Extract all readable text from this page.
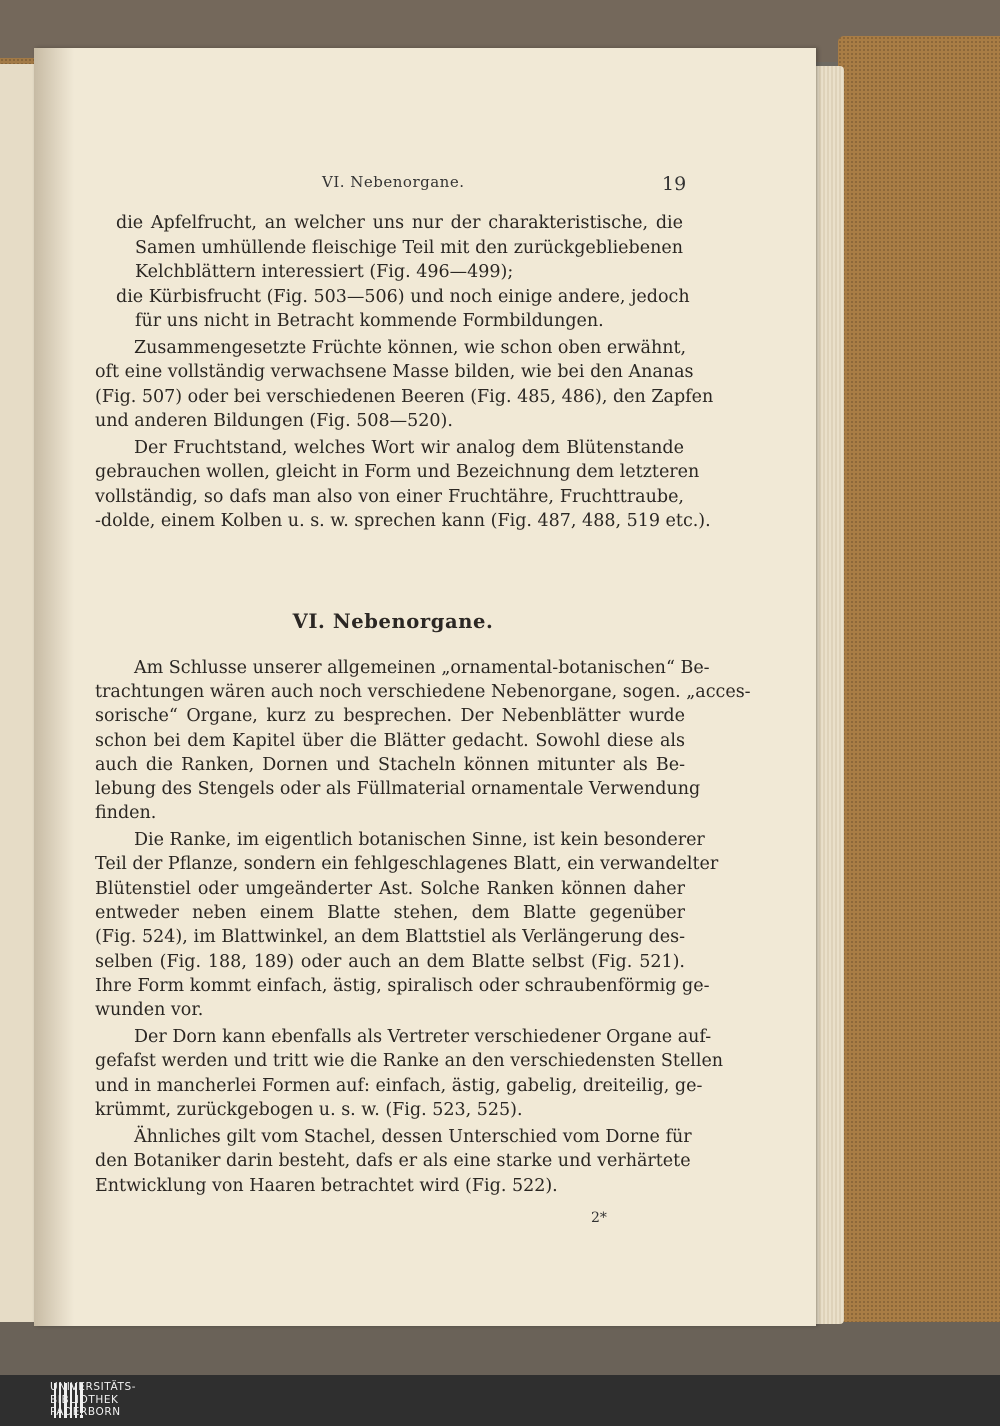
VI. Nebenorgane.	19
die Apfelfrucht, an welcher uns nur der charakteristische, die
Samen umhüllende fleischige Teil mit den zurückgebliebenen
Kelchblättern interessiert (Fig. 496—499);
die Kürbisfrucht (Fig. 503—506) und noch einige andere, jedoch
für uns nicht in Betracht kommende Formbildungen.
Zusammengesetzte Früchte können, wie schon oben erwähnt,
oft eine vollständig verwachsene Masse bilden, wie bei den Ananas
(Fig. 507) oder bei verschiedenen Beeren (Fig. 485, 486), den Zapfen
und anderen Bildungen (Fig. 508—520).
Der Fruchtstand, welches Wort wir analog dem Blütenstande
gebrauchen wollen, gleicht in Form und Bezeichnung dem letzteren
vollständig, so dafs man also von einer Fruchtähre, Fruchttraube,
-dolde, einem Kolben u. s. w. sprechen kann (Fig. 487, 488, 519 etc.).
VI. Nebenorgane.
Am Schlusse unserer allgemeinen „ornamental-botanischen“ Be-
trachtungen wären auch noch verschiedene Nebenorgane, sogen. „acces-
sorische“ Organe, kurz zu besprechen. Der Nebenblätter wurde
schon bei dem Kapitel über die Blätter gedacht. Sowohl diese als
auch die Ranken, Dornen und Stacheln können mitunter als Be-
lebung des Stengels oder als Füllmaterial ornamentale Verwendung
finden.
Die Ranke, im eigentlich botanischen Sinne, ist kein besonderer
Teil der Pflanze, sondern ein fehlgeschlagenes Blatt, ein verwandelter
Blütenstiel oder umgeänderter Ast. Solche Ranken können daher
entweder neben einem Blatte stehen, dem Blatte gegenüber
(Fig. 524), im Blattwinkel, an dem Blattstiel als Verlängerung des-
selben (Fig. 188, 189) oder auch an dem Blatte selbst (Fig. 521).
Ihre Form kommt einfach, ästig, spiralisch oder schraubenförmig ge-
wunden vor.
Der Dorn kann ebenfalls als Vertreter verschiedener Organe auf-
gefafst werden und tritt wie die Ranke an den verschiedensten Stellen
und in mancherlei Formen auf: einfach, ästig, gabelig, dreiteilig, ge-
krümmt, zurückgebogen u. s. w. (Fig. 523, 525).
Ähnliches gilt vom Stachel, dessen Unterschied vom Dorne für
den Botaniker darin besteht, dafs er als eine starke und verhärtete
Entwicklung von Haaren betrachtet wird (Fig. 522).
2*
UNIVERSITÄTS-
BIBLIOTHEK
PADERBORN
